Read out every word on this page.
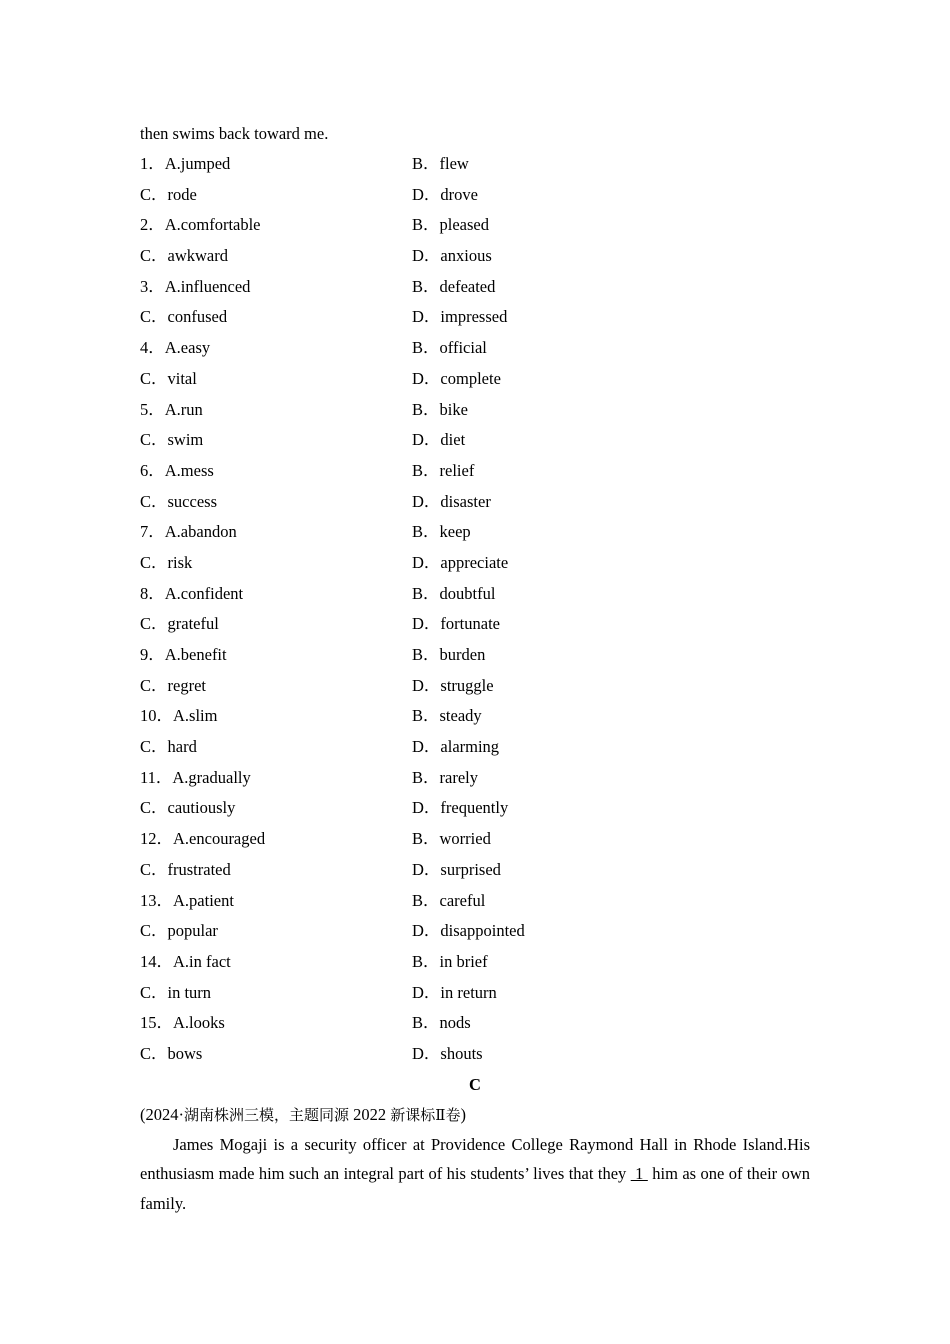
then swims back toward me.
1．A.jumped	B．flew
C．rode	D．drove
2．A.comfortable	B．pleased
C．awkward	D．anxious
3．A.influenced	B．defeated
C．confused	D．impressed
4．A.easy	B．official
C．vital	D．complete
5．A.run	B．bike
C．swim	D．diet
6．A.mess	B．relief
C．success	D．disaster
7．A.abandon	B．keep
C．risk	D．appreciate
8．A.confident	B．doubtful
C．grateful	D．fortunate
9．A.benefit	B．burden
C．regret	D．struggle
10．A.slim	B．steady
C．hard	D．alarming
11．A.gradually	B．rarely
C．cautiously	D．frequently
12．A.encouraged	B．worried
C．frustrated	D．surprised
13．A.patient	B．careful
C．popular	D．disappointed
14．A.in fact	B．in brief
C．in turn	D．in return
15．A.looks	B．nods
C．bows	D．shouts
C
(2024·湖南株洲三模，主题同源 2022 新课标Ⅱ卷)

James Mogaji is a security officer at Providence College Raymond Hall in Rhode Island.His enthusiasm made him such an integral part of his students’ lives that they  1  him as one of their own family.
